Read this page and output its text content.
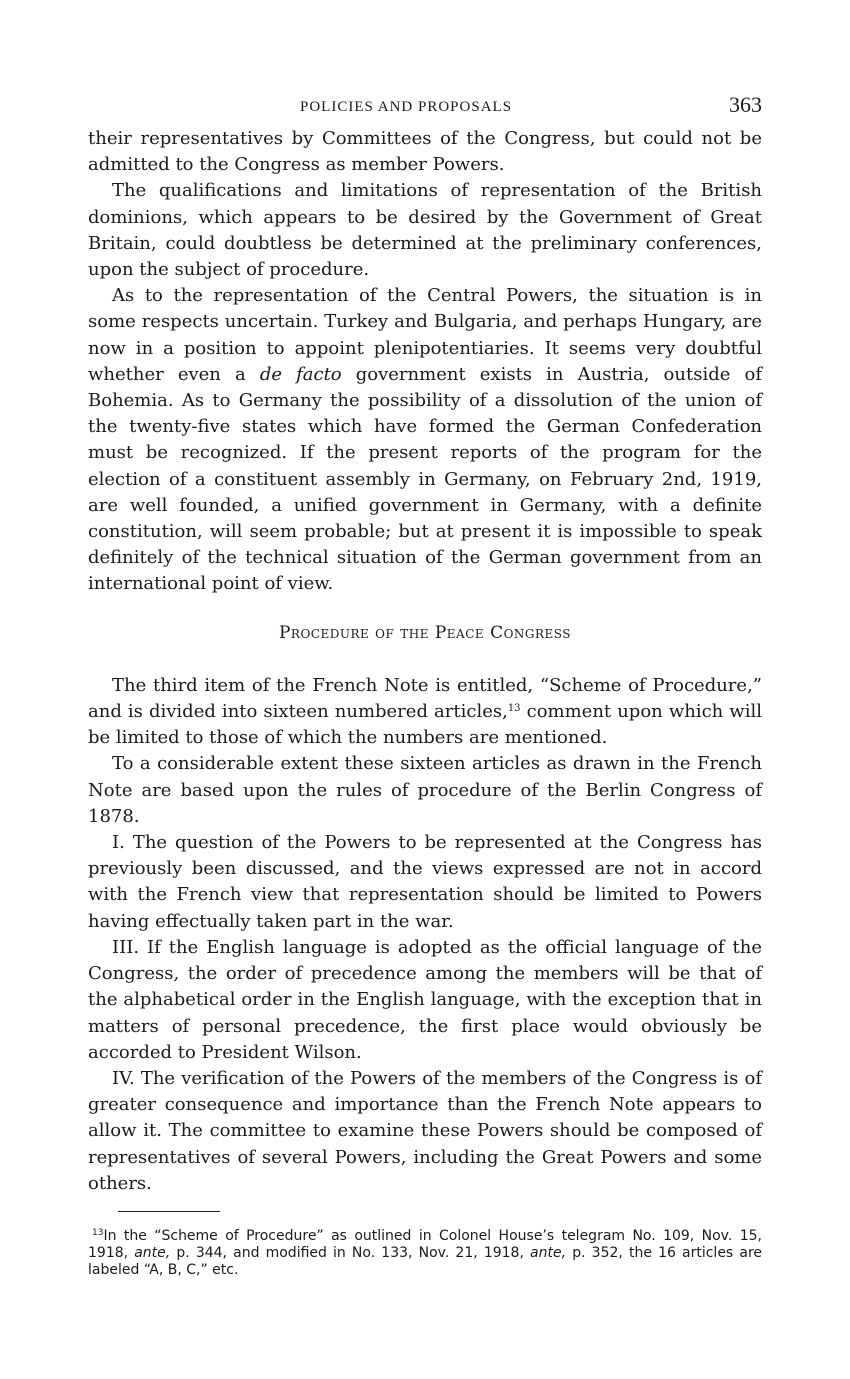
POLICIES AND PROPOSALS	363

their representatives by Committees of the Congress, but could not be admitted to the Congress as member Powers.

The qualifications and limitations of representation of the British dominions, which appears to be desired by the Government of Great Britain, could doubtless be determined at the preliminary conferences, upon the subject of procedure.

As to the representation of the Central Powers, the situation is in some respects uncertain. Turkey and Bulgaria, and perhaps Hungary, are now in a position to appoint plenipotentiaries. It seems very doubtful whether even a de facto government exists in Austria, outside of Bohemia. As to Germany the possibility of a dissolution of the union of the twenty-five states which have formed the German Confederation must be recognized. If the present reports of the program for the election of a constituent assembly in Germany, on February 2nd, 1919, are well founded, a unified government in Germany, with a definite constitution, will seem probable; but at present it is impossible to speak definitely of the technical situation of the German government from an international point of view.

Procedure of the Peace Congress

The third item of the French Note is entitled, “Scheme of Procedure,” and is divided into sixteen numbered articles,$^{13}$ comment upon which will be limited to those of which the numbers are mentioned.

To a considerable extent these sixteen articles as drawn in the French Note are based upon the rules of procedure of the Berlin Congress of 1878.

I. The question of the Powers to be represented at the Congress has previously been discussed, and the views expressed are not in accord with the French view that representation should be limited to Powers having effectually taken part in the war.

III. If the English language is adopted as the official language of the Congress, the order of precedence among the members will be that of the alphabetical order in the English language, with the exception that in matters of personal precedence, the first place would obviously be accorded to President Wilson.

IV. The verification of the Powers of the members of the Congress is of greater consequence and importance than the French Note appears to allow it. The committee to examine these Powers should be composed of representatives of several Powers, including the Great Powers and some others.

$^{13}$In the “Scheme of Procedure” as outlined in Colonel House’s telegram No. 109, Nov. 15, 1918, ante, p. 344, and modified in No. 133, Nov. 21, 1918, ante, p. 352, the 16 articles are labeled “A, B, C,” etc.
